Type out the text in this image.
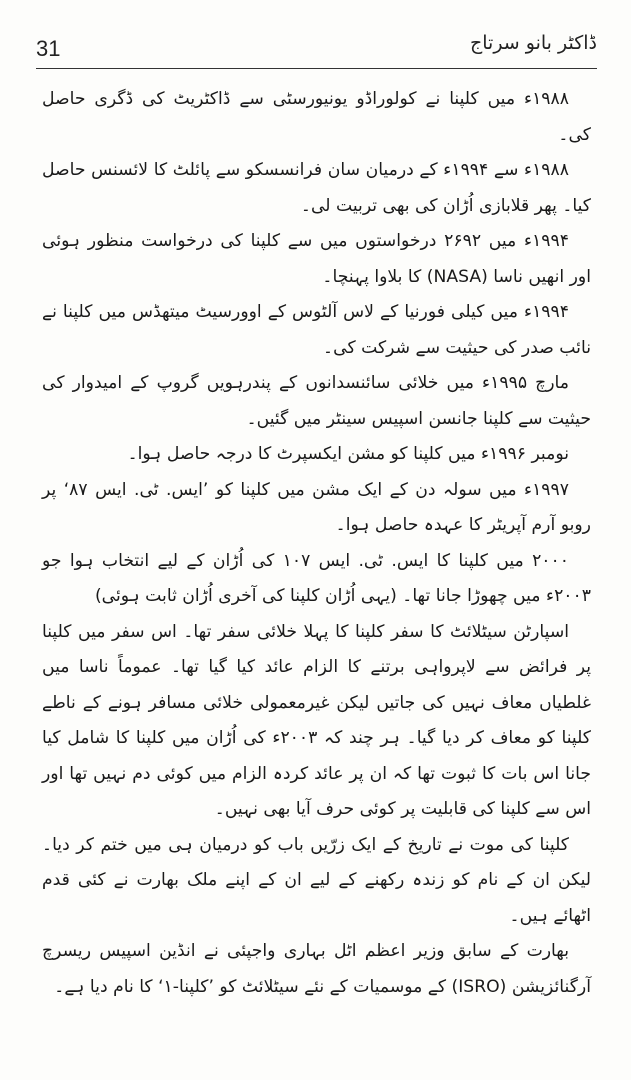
31	ڈاکٹر بانو سرتاج

۱۹۸۸ء میں کلپنا نے کولوراڈو یونیورسٹی سے ڈاکٹریٹ کی ڈگری حاصل کی۔

۱۹۸۸ء سے ۱۹۹۴ء کے درمیان سان فرانسسکو سے پائلٹ کا لائسنس حاصل کیا۔ پھر قلابازی اُڑان کی بھی تربیت لی۔

۱۹۹۴ء میں ۲۶۹۲ درخواستوں میں سے کلپنا کی درخواست منظور ہوئی اور انھیں ناسا (NASA) کا بلاوا پہنچا۔

۱۹۹۴ء میں کیلی فورنیا کے لاس آلٹوس کے اوورسیٹ میتھڈس میں کلپنا نے نائب صدر کی حیثیت سے شرکت کی۔

مارچ ۱۹۹۵ء میں خلائی سائنسدانوں کے پندرہویں گروپ کے امیدوار کی حیثیت سے کلپنا جانسن اسپیس سینٹر میں گئیں۔

نومبر ۱۹۹۶ء میں کلپنا کو مشن ایکسپرٹ کا درجہ حاصل ہوا۔

۱۹۹۷ء میں سولہ دن کے ایک مشن میں کلپنا کو ’ایس. ٹی. ایس ۸۷‘ پر روبو آرم آپریٹر کا عہدہ حاصل ہوا۔

۲۰۰۰ میں کلپنا کا ایس. ٹی. ایس ۱۰۷ کی اُڑان کے لیے انتخاب ہوا جو ۲۰۰۳ء میں چھوڑا جانا تھا۔ (یہی اُڑان کلپنا کی آخری اُڑان ثابت ہوئی)

اسپارٹن سیٹلائٹ کا سفر کلپنا کا پہلا خلائی سفر تھا۔ اس سفر میں کلپنا پر فرائض سے لاپرواہی برتنے کا الزام عائد کیا گیا تھا۔ عموماً ناسا میں غلطیاں معاف نہیں کی جاتیں لیکن غیرمعمولی خلائی مسافر ہونے کے ناطے کلپنا کو معاف کر دیا گیا۔ ہر چند کہ ۲۰۰۳ء کی اُڑان میں کلپنا کا شامل کیا جانا اس بات کا ثبوت تھا کہ ان پر عائد کردہ الزام میں کوئی دم نہیں تھا اور اس سے کلپنا کی قابلیت پر کوئی حرف آیا بھی نہیں۔

کلپنا کی موت نے تاریخ کے ایک زرّیں باب کو درمیان ہی میں ختم کر دیا۔ لیکن ان کے نام کو زندہ رکھنے کے لیے ان کے اپنے ملک بھارت نے کئی قدم اٹھائے ہیں۔

بھارت کے سابق وزیر اعظم اٹل بہاری واجپئی نے انڈین اسپیس ریسرچ آرگنائزیشن (ISRO) کے موسمیات کے نئے سیٹلائٹ کو ’کلپنا-۱‘ کا نام دیا ہے۔
